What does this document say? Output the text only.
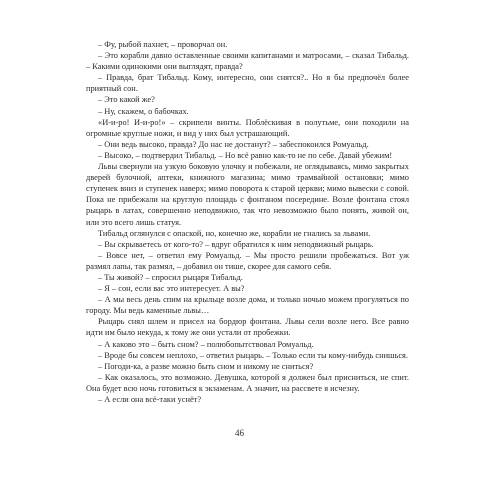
– Фу, рыбой пахнет, – проворчал он.

– Это корабли давно оставленные своими капитанами и матросами, – сказал Тибальд. – Какими одинокими они выглядят, правда?

– Правда, брат Тибальд. Кому, интересно, они снятся?.. Но я бы предпочёл более приятный сон.

– Это какой же?

– Ну, скажем, о бабочках.

«И-и-ро! И-и-ро!» – скрипели винты. Поблёскивая в полутьме, они походили на огромные круглые ножи, и вид у них был устрашающий.

– Они ведь высоко, правда? До нас не достанут? – забеспокоился Ромуальд.

– Высоко, – подтвердил Тибальд. – Но всё равно как-то не по себе. Давай убежим!

Львы свернули на узкую боковую улочку и побежали, не оглядываясь, мимо закрытых дверей булочной, аптеки, книжного магазина; мимо трамвайной остановки; мимо ступенек вниз и ступенек наверх; мимо поворота к старой церкви; мимо вывески с совой. Пока не прибежали на круглую площадь с фонтаном посередине. Возле фонтана стоял рыцарь в латах, совершенно неподвижно, так что невозможно было понять, живой он, или это всего лишь статуя.

Тибальд оглянулся с опаской, но, конечно же, корабли не гнались за львами.

– Вы скрываетесь от кого-то? – вдруг обратился к ним неподвижный рыцарь.

– Вовсе нет, – ответил ему Ромуальд. – Мы просто решили пробежаться. Вот уж размял лапы, так размял, – добавил он тише, скорее для самого себя.

– Ты живой? – спросил рыцаря Тибальд.

– Я – сон, если вас это интересует. А вы?

– А мы весь день спим на крыльце возле дома, и только ночью можем прогуляться по городу. Мы ведь каменные львы…

Рыцарь снял шлем и присел на бордюр фонтана. Львы сели возле него. Все равно идти им было некуда, к тому же они устали от пробежки.

– А каково это – быть сном? – полюбопытствовал Ромуальд.

– Вроде бы совсем неплохо, – ответил рыцарь. – Только если ты кому-нибудь снишься.

– Погоди-ка, а разве можно быть сном и никому не сниться?

– Как оказалось, это возможно. Девушка, которой я должен был присниться, не спит. Она будет всю ночь готовиться к экзаменам. А значит, на рассвете я исчезну.

– А если она всё-таки уснёт?

46
